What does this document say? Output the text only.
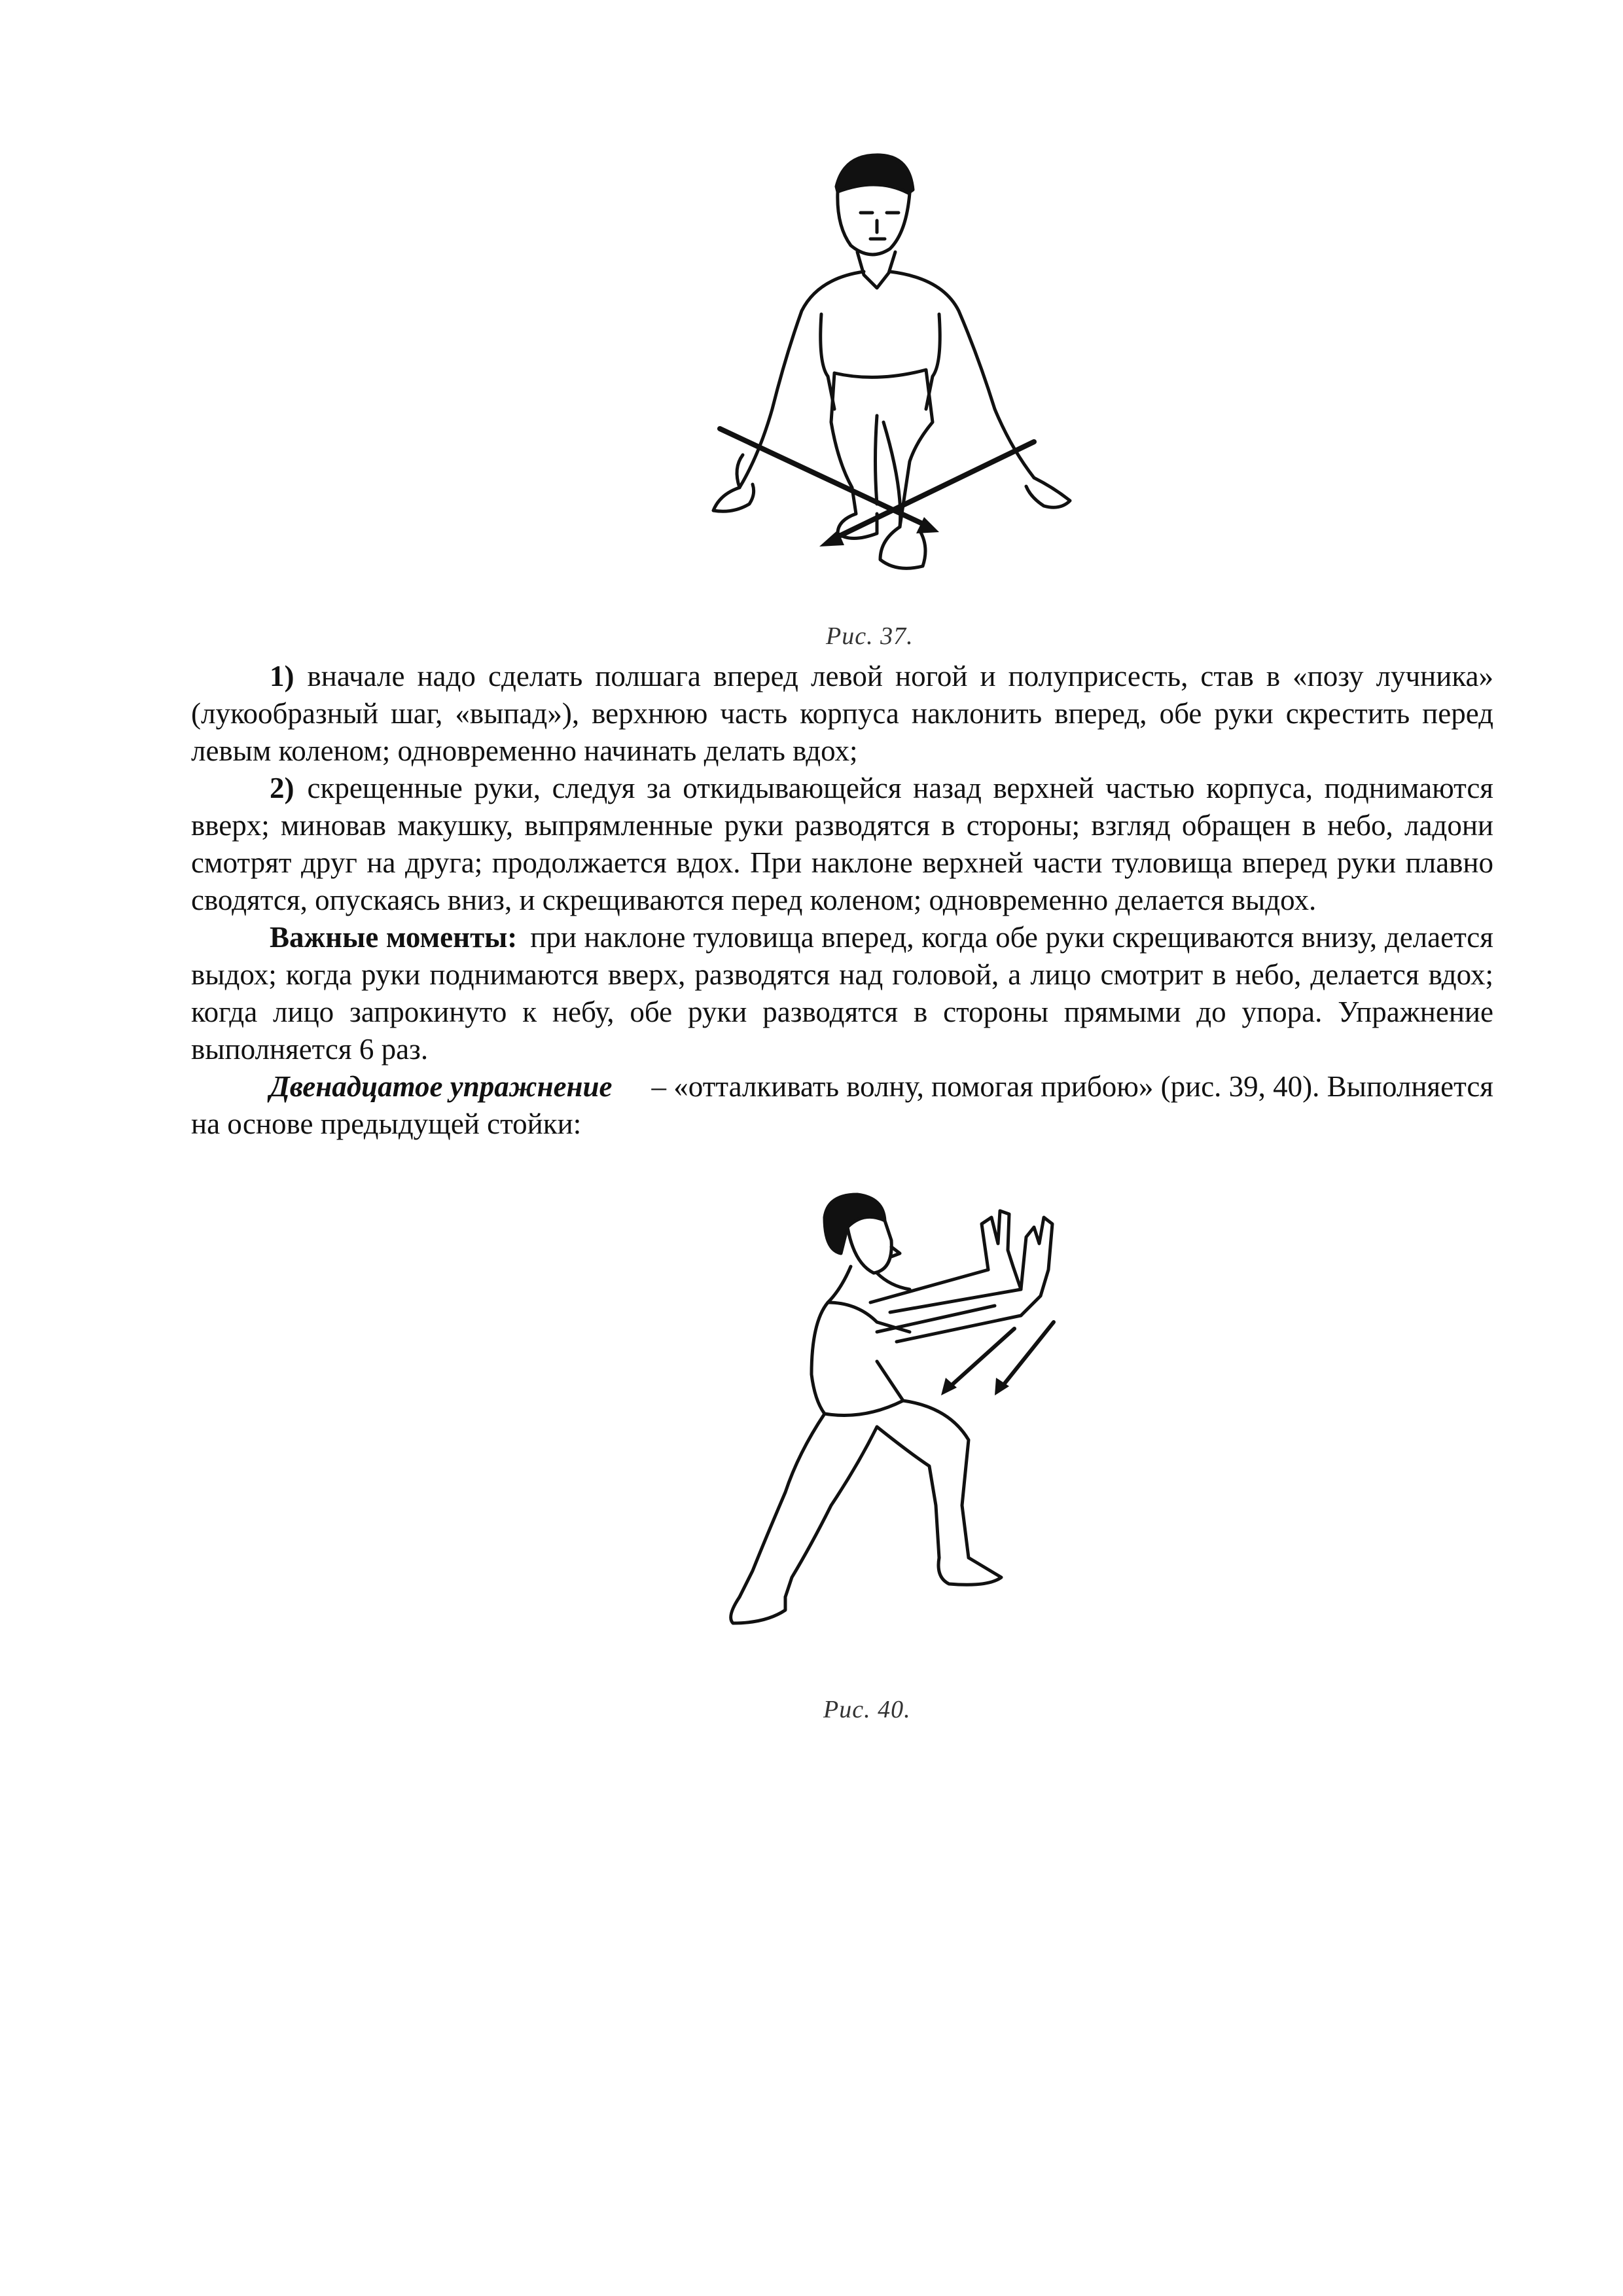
Рис. 37.

1) вначале надо сделать полшага вперед левой ногой и полуприсесть, став в «позу лучника» (лукообразный шаг, «выпад»), верхнюю часть корпуса наклонить вперед, обе руки скрестить перед левым коленом; одновременно начинать делать вдох;

2) скрещенные руки, следуя за откидывающейся назад верхней частью корпуса, поднимаются вверх; миновав макушку, выпрямленные руки разводятся в стороны; взгляд обращен в небо, ладони смотрят друг на друга; продолжается вдох. При наклоне верхней части туловища вперед руки плавно сводятся, опускаясь вниз, и скрещиваются перед коленом; одновременно делается выдох.

Важные моменты: при наклоне туловища вперед, когда обе руки скрещиваются внизу, делается выдох; когда руки поднимаются вверх, разводятся над головой, а лицо смотрит в небо, делается вдох; когда лицо запрокинуто к небу, обе руки разводятся в стороны прямыми до упора. Упражнение выполняется 6 раз.

Двенадцатое упражнение – «отталкивать волну, помогая прибою» (рис. 39, 40). Выполняется на основе предыдущей стойки:

Рис. 40.
